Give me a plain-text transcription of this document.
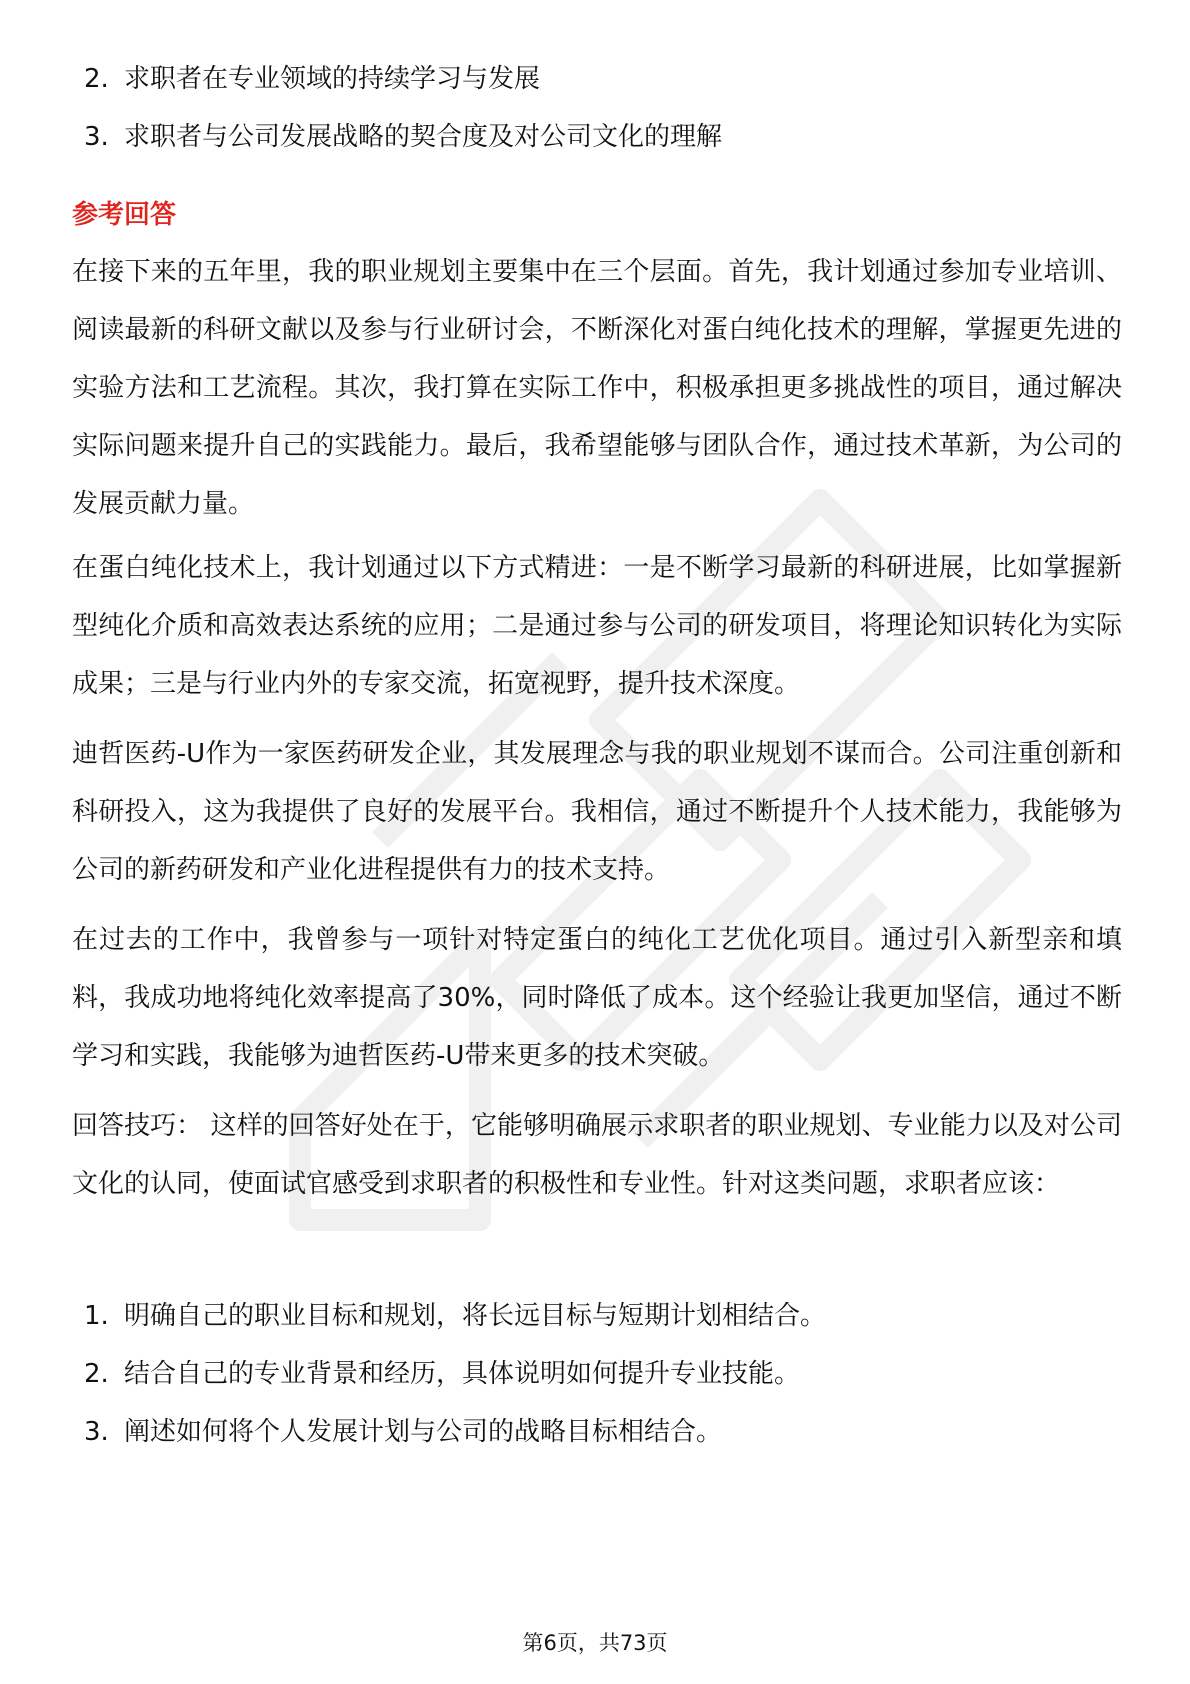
2. 求职者在专业领域的持续学习与发展
3. 求职者与公司发展战略的契合度及对公司文化的理解
参考回答

在接下来的五年里，我的职业规划主要集中在三个层面。首先，我计划通过参加专业培训、阅读最新的科研文献以及参与行业研讨会，不断深化对蛋白纯化技术的理解，掌握更先进的实验方法和工艺流程。其次，我打算在实际工作中，积极承担更多挑战性的项目，通过解决实际问题来提升自己的实践能力。最后，我希望能够与团队合作，通过技术革新，为公司的发展贡献力量。

在蛋白纯化技术上，我计划通过以下方式精进：一是不断学习最新的科研进展，比如掌握新型纯化介质和高效表达系统的应用；二是通过参与公司的研发项目，将理论知识转化为实际成果；三是与行业内外的专家交流，拓宽视野，提升技术深度。

迪哲医药-U作为一家医药研发企业，其发展理念与我的职业规划不谋而合。公司注重创新和科研投入，这为我提供了良好的发展平台。我相信，通过不断提升个人技术能力，我能够为公司的新药研发和产业化进程提供有力的技术支持。

在过去的工作中，我曾参与一项针对特定蛋白的纯化工艺优化项目。通过引入新型亲和填料，我成功地将纯化效率提高了30%，同时降低了成本。这个经验让我更加坚信，通过不断学习和实践，我能够为迪哲医药-U带来更多的技术突破。

回答技巧： 这样的回答好处在于，它能够明确展示求职者的职业规划、专业能力以及对公司文化的认同，使面试官感受到求职者的积极性和专业性。针对这类问题，求职者应该：

1. 明确自己的职业目标和规划，将长远目标与短期计划相结合。
2. 结合自己的专业背景和经历，具体说明如何提升专业技能。
3. 阐述如何将个人发展计划与公司的战略目标相结合。
第6页，共73页
